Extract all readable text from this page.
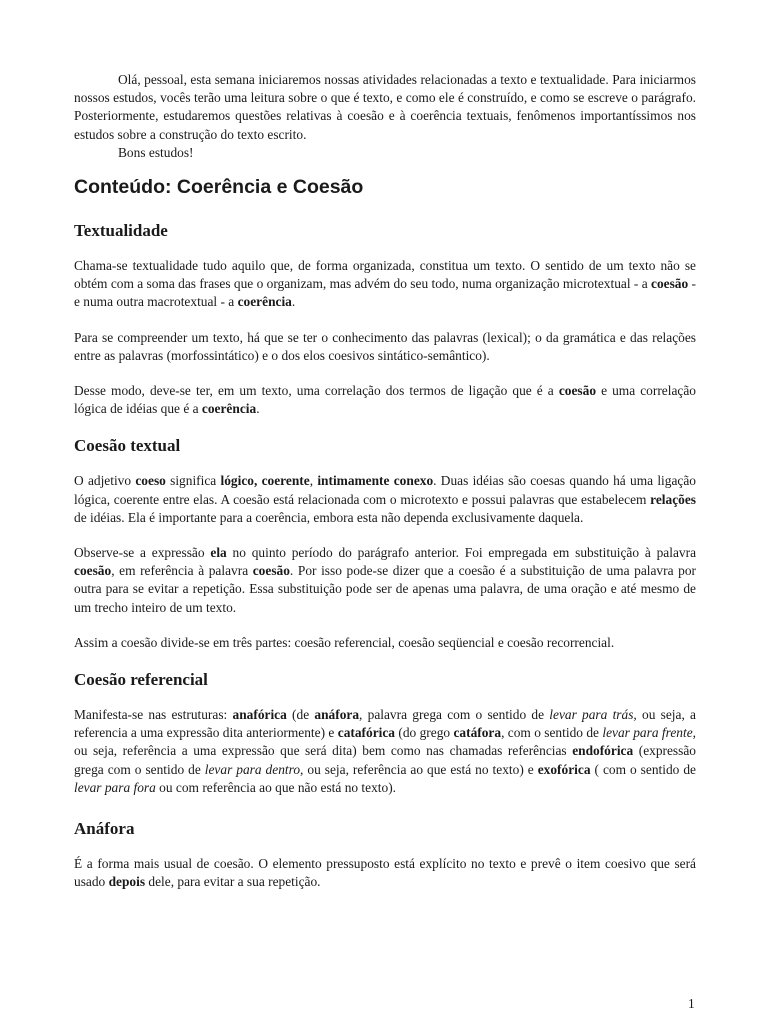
Olá, pessoal, esta semana iniciaremos nossas atividades relacionadas a texto e textualidade. Para iniciarmos nossos estudos, vocês terão uma leitura sobre o que é texto, e como ele é construído, e como se escreve o parágrafo. Posteriormente, estudaremos questões relativas à coesão e à coerência textuais, fenômenos importantíssimos nos estudos sobre a construção do texto escrito.

Bons estudos!

Conteúdo: Coerência e Coesão
Textualidade

Chama-se textualidade tudo aquilo que, de forma organizada, constitua um texto. O sentido de um texto não se obtém com a soma das frases que o organizam, mas advém do seu todo, numa organização microtextual - a coesão - e numa outra macrotextual - a coerência.

Para se compreender um texto, há que se ter o conhecimento das palavras (lexical); o da gramática e das relações entre as palavras (morfossintático) e o dos elos coesivos sintático-semântico).

Desse modo, deve-se ter, em um texto, uma correlação dos termos de ligação que é a coesão e uma correlação lógica de idéias que é a coerência.

Coesão textual

O adjetivo coeso significa lógico, coerente, intimamente conexo. Duas idéias são coesas quando há uma ligação lógica, coerente entre elas. A coesão está relacionada com o microtexto e possui palavras que estabelecem relações de idéias. Ela é importante para a coerência, embora esta não dependa exclusivamente daquela.

Observe-se a expressão ela no quinto período do parágrafo anterior. Foi empregada em substituição à palavra coesão, em referência à palavra coesão. Por isso pode-se dizer que a coesão é a substituição de uma palavra por outra para se evitar a repetição. Essa substituição pode ser de apenas uma palavra, de uma oração e até mesmo de um trecho inteiro de um texto.

Assim a coesão divide-se em três partes: coesão referencial, coesão seqüencial e coesão recorrencial.

Coesão referencial

Manifesta-se nas estruturas: anafórica (de anáfora, palavra grega com o sentido de levar para trás, ou seja, a referencia a uma expressão dita anteriormente) e catafórica (do grego catáfora, com o sentido de levar para frente, ou seja, referência a uma expressão que será dita) bem como nas chamadas referências endofórica (expressão grega com o sentido de levar para dentro, ou seja, referência ao que está no texto) e exofórica ( com o sentido de levar para fora ou com referência ao que não está no texto).

Anáfora

É a forma mais usual de coesão. O elemento pressuposto está explícito no texto e prevê o item coesivo que será usado depois dele, para evitar a sua repetição.

1
